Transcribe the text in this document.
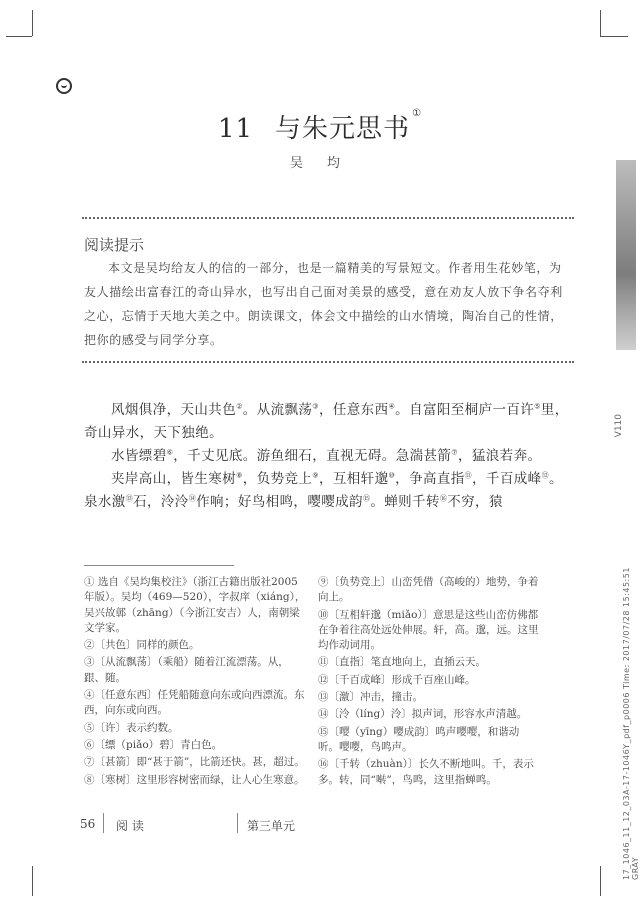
V110
17_1046_11_12_03A-17-1046Y_pdf_p0006 Time: 2017/07/28 15:45:51 GRAY
11 与朱元思书①
吴 均
阅读提示
本文是吴均给友人的信的一部分，也是一篇精美的写景短文。作者用生花妙笔，为友人描绘出富春江的奇山异水，也写出自己面对美景的感受，意在劝友人放下争名夺利之心，忘情于天地大美之中。朗读课文，体会文中描绘的山水情境，陶冶自己的性情，把你的感受与同学分享。
风烟俱净，天山共色②。从流飘荡③，任意东西④。自富阳至桐庐一百许⑤里，奇山异水，天下独绝。
水皆缥碧⑥，千丈见底。游鱼细石，直视无碍。急湍甚箭⑦，猛浪若奔。
夹岸高山，皆生寒树⑧，负势竞上⑨，互相轩邈⑩，争高直指⑪，千百成峰⑫。泉水激⑬石，泠泠⑭作响；好鸟相鸣，嘤嘤成韵⑮。蝉则千转⑯不穷，猿
① 选自《吴均集校注》（浙江古籍出版社2005年版）。吴均（469—520），字叔庠（xiáng），吴兴故鄣（zhāng）（今浙江安吉）人，南朝梁文学家。
②〔共色〕同样的颜色。
③〔从流飘荡〕（乘船）随着江流漂荡。从，跟、随。
④〔任意东西〕任凭船随意向东或向西漂流。东西，向东或向西。
⑤〔许〕表示约数。
⑥〔缥（piǎo）碧〕青白色。
⑦〔甚箭〕即“甚于箭”，比箭还快。甚，超过。
⑧〔寒树〕这里形容树密而绿，让人心生寒意。
⑨〔负势竞上〕山峦凭借（高峻的）地势，争着向上。
⑩〔互相轩邈（miǎo）〕意思是这些山峦仿佛都在争着往高处远处伸展。轩，高。邈，远。这里均作动词用。
⑪〔直指〕笔直地向上，直插云天。
⑫〔千百成峰〕形成千百座山峰。
⑬〔激〕冲击，撞击。
⑭〔泠（líng）泠〕拟声词，形容水声清越。
⑮〔嘤（yīng）嘤成韵〕鸣声嘤嘤，和谐动听。嘤嘤，鸟鸣声。
⑯〔千转（zhuàn）〕长久不断地叫。千，表示多。转，同“啭”，鸟鸣，这里指蝉鸣。
56 阅 读	第三单元
